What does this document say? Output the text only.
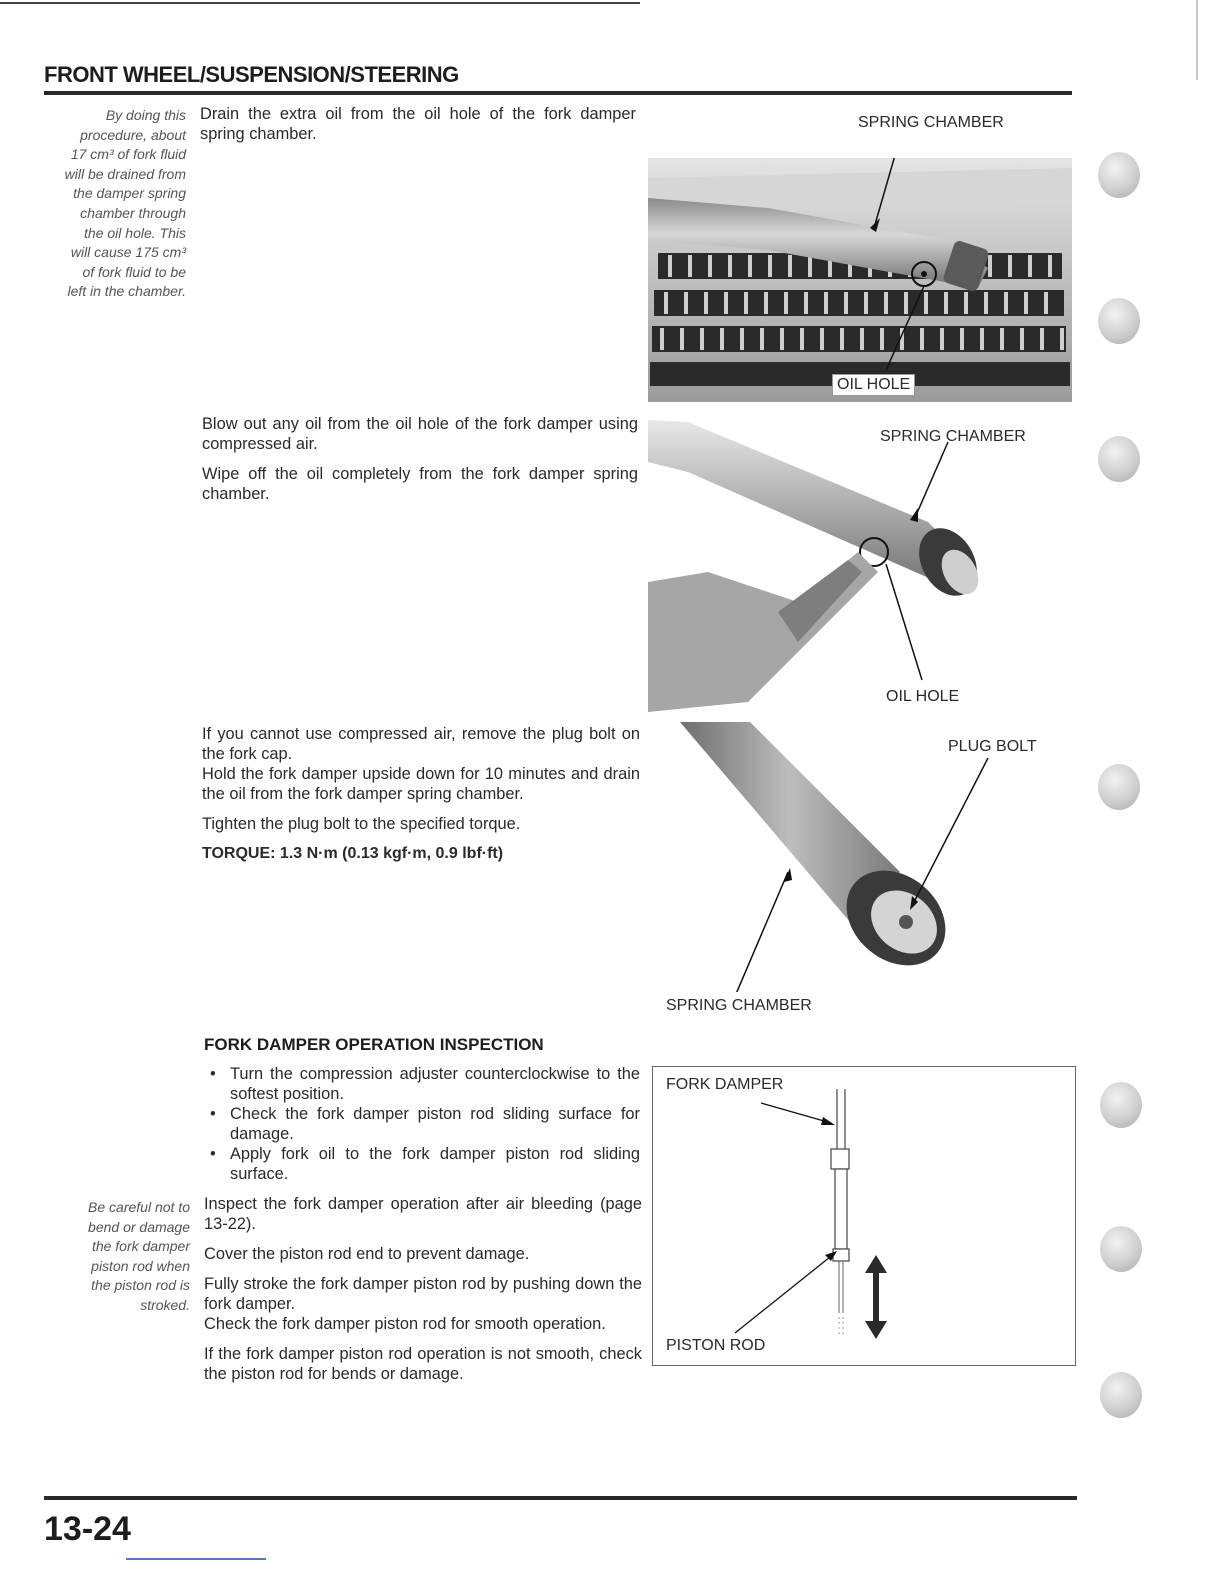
FRONT WHEEL/SUSPENSION/STEERING
By doing this
procedure, about
17 cm³ of fork fluid
will be drained from
the damper spring
chamber through
the oil hole. This
will cause 175 cm³
of fork fluid to be
left in the chamber.
Drain the extra oil from the oil hole of the fork damper spring chamber.

Blow out any oil from the oil hole of the fork damper using compressed air.

Wipe off the oil completely from the fork damper spring chamber.

If you cannot use compressed air, remove the plug bolt on the fork cap.

Hold the fork damper upside down for 10 minutes and drain the oil from the fork damper spring chamber.

Tighten the plug bolt to the specified torque.

TORQUE: 1.3 N·m (0.13 kgf·m, 0.9 lbf·ft)
FORK DAMPER OPERATION INSPECTION
• Turn the compression adjuster counterclockwise to the softest position.
• Check the fork damper piston rod sliding surface for damage.
• Apply fork oil to the fork damper piston rod sliding surface.
Be careful not to
bend or damage
the fork damper
piston rod when
the piston rod is
stroked.

Inspect the fork damper operation after air bleeding (page 13-22).

Cover the piston rod end to prevent damage.

Fully stroke the fork damper piston rod by pushing down the fork damper.

Check the fork damper piston rod for smooth operation.

If the fork damper piston rod operation is not smooth, check the piston rod for bends or damage.

SPRING CHAMBER
OIL HOLE
SPRING CHAMBER
OIL HOLE
PLUG BOLT
SPRING CHAMBER
FORK DAMPER
PISTON ROD
13-24
